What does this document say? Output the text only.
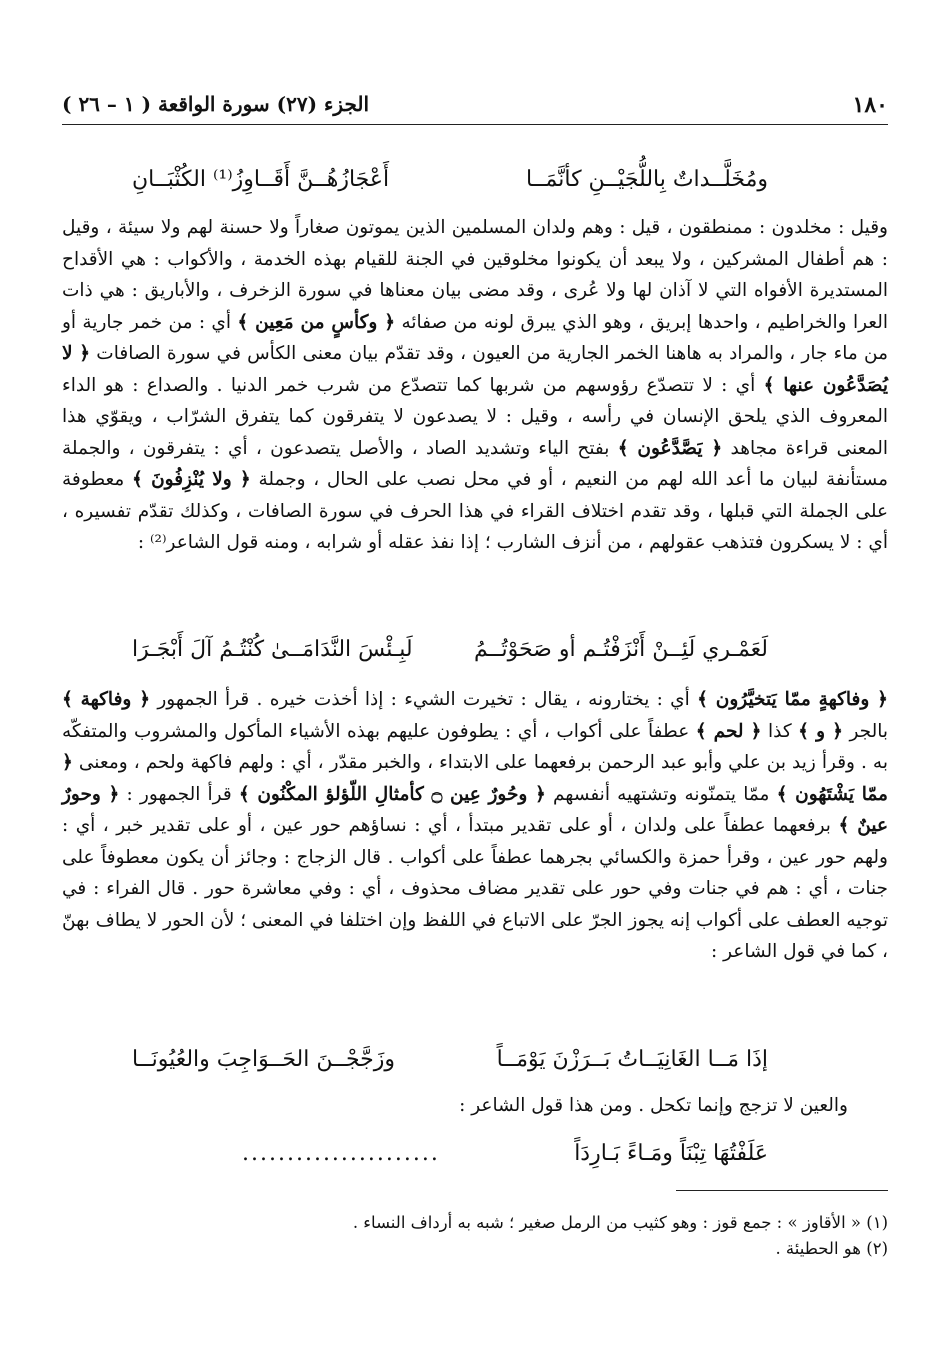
١٨٠
الجزء (٢٧) سورة الواقعة ( ١ – ٢٦ )
ومُخَلَّــداتٌ بِاللُّجَيْــنِ كأنَّمَــا
أَعْجَازُهُــنَّ أَقَــاوِزُ⁽¹⁾ الكُثْبَــانِ

وقيل : مخلدون : ممنطقون ، قيل : وهم ولدان المسلمين الذين يموتون صغاراً ولا حسنة لهم ولا سيئة ، وقيل : هم أطفال المشركين ، ولا يبعد أن يكونوا مخلوقين في الجنة للقيام بهذه الخدمة ، والأكواب : هي الأقداح المستديرة الأفواه التي لا آذان لها ولا عُرى ، وقد مضى بيان معناها في سورة الزخرف ، والأباريق : هي ذات العرا والخراطيم ، واحدها إبريق ، وهو الذي يبرق لونه من صفائه ﴿ وكأسٍ من مَعِين ﴾ أي : من خمر جارية أو من ماء جار ، والمراد به هاهنا الخمر الجارية من العيون ، وقد تقدّم بيان معنى الكأس في سورة الصافات ﴿ لا يُصَدَّعُون عنها ﴾ أي : لا تتصدّع رؤوسهم من شربها كما تتصدّع من شرب خمر الدنيا . والصداع : هو الداء المعروف الذي يلحق الإنسان في رأسه ، وقيل : لا يصدعون لا يتفرقون كما يتفرق الشرّاب ، ويقوّي هذا المعنى قراءة مجاهد ﴿ يَصَّدَّعُون ﴾ بفتح الياء وتشديد الصاد ، والأصل يتصدعون ، أي : يتفرقون ، والجملة مستأنفة لبيان ما أعد الله لهم من النعيم ، أو في محل نصب على الحال ، وجملة ﴿ ولا يُنْزِفُونَ ﴾ معطوفة على الجملة التي قبلها ، وقد تقدم اختلاف القراء في هذا الحرف في سورة الصافات ، وكذلك تقدّم تفسيره ، أي : لا يسكرون فتذهب عقولهم ، من أنزف الشارب ؛ إذا نفذ عقله أو شرابه ، ومنه قول الشاعر⁽²⁾ :

لَعَمْـري لَئِــنْ أَنْزَفْتُـم أو صَحَوْتُــمُ
لَبِـئْسَ النَّدَامَــىٰ كُنْتُـمُ آلَ أَبْجَـرَا

﴿ وفاكهةٍ ممّا يَتخيَّرُون ﴾ أي : يختارونه ، يقال : تخيرت الشيء : إذا أخذت خيره . قرأ الجمهور ﴿ وفاكهة ﴾ بالجر ﴿ و ﴾ كذا ﴿ لحم ﴾ عطفاً على أكواب ، أي : يطوفون عليهم بهذه الأشياء المأكول والمشروب والمتفكّه به . وقرأ زيد بن علي وأبو عبد الرحمن برفعهما على الابتداء ، والخبر مقدّر ، أي : ولهم فاكهة ولحم ، ومعنى ﴿ ممّا يَشْتَهُون ﴾ ممّا يتمنّونه وتشتهيه أنفسهم ﴿ وحُورٌ عِين ۝ كأمثالِ اللّؤلؤ المكْنُون ﴾ قرأ الجمهور : ﴿ وحورٌ عينٌ ﴾ برفعهما عطفاً على ولدان ، أو على تقدير مبتدأ ، أي : نساؤهم حور عين ، أو على تقدير خبر ، أي : ولهم حور عين ، وقرأ حمزة والكسائي بجرهما عطفاً على أكواب . قال الزجاج : وجائز أن يكون معطوفاً على جنات ، أي : هم في جنات وفي حور على تقدير مضاف محذوف ، أي : وفي معاشرة حور . قال الفراء : في توجيه العطف على أكواب إنه يجوز الجرّ على الاتباع في اللفظ وإن اختلفا في المعنى ؛ لأن الحور لا يطاف بهنّ ، كما في قول الشاعر :

إذَا مَــا الغَانِيَــاتُ بَــرَزْنَ يَوْمَــاً
وزَجَّجْــنَ الحَــوَاجِبَ والعُيُونَــا

والعين لا تزجج وإنما تكحل . ومن هذا قول الشاعر :

عَلَفْتُهَا تِبْنَاً ومَـاءً بَـارِدَاً
......................
(١) « الأقاوز » : جمع قوز : وهو كثيب من الرمل صغير ؛ شبه به أرداف النساء .
(٢) هو الحطيئة .
